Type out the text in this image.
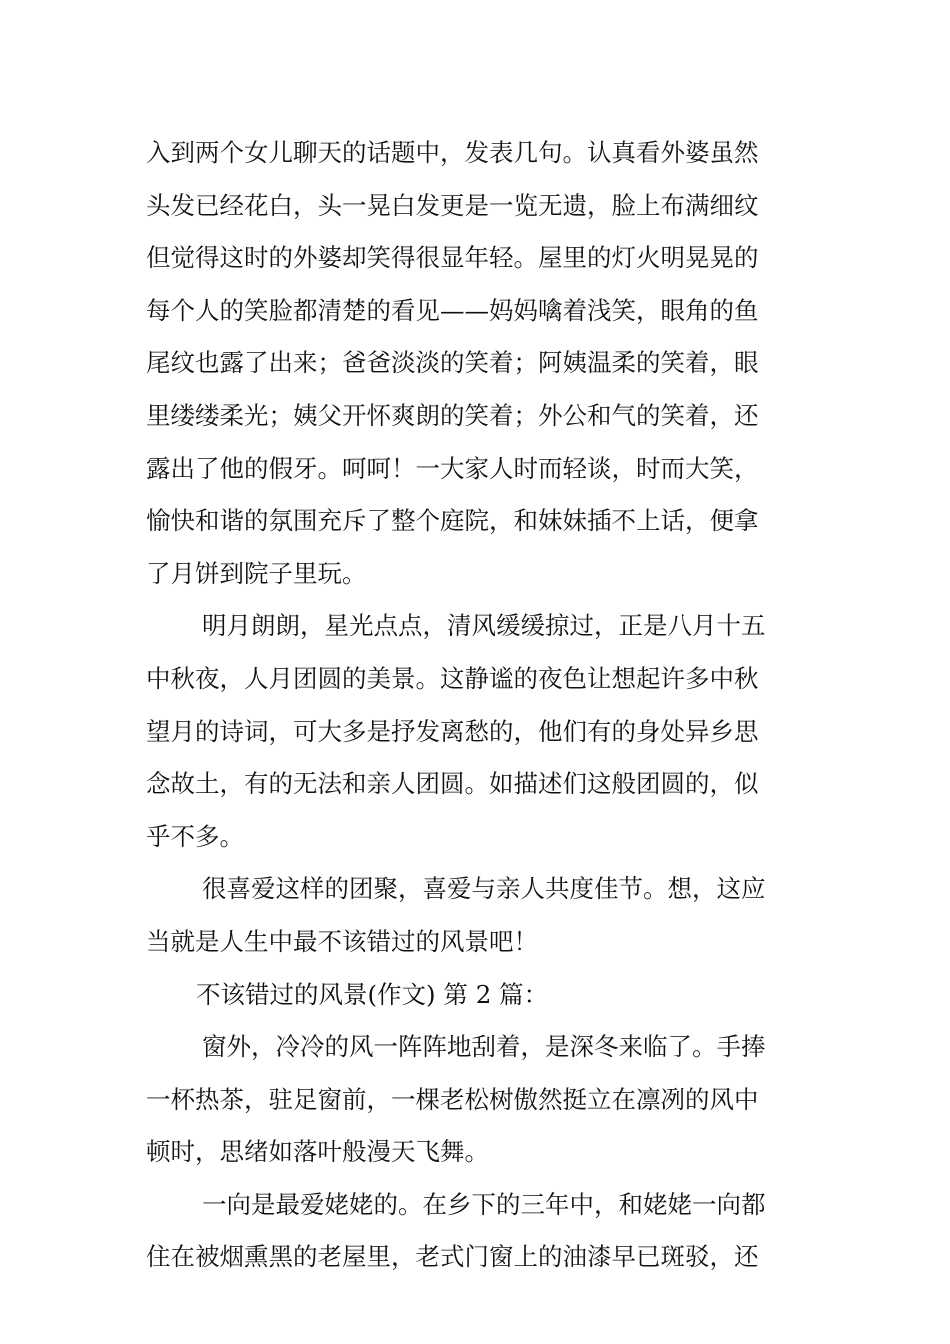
入到两个女儿聊天的话题中，发表几句。认真看外婆虽然
头发已经花白，头一晃白发更是一览无遗，脸上布满细纹
但觉得这时的外婆却笑得很显年轻。屋里的灯火明晃晃的
每个人的笑脸都清楚的看见——妈妈噙着浅笑，眼角的鱼
尾纹也露了出来；爸爸淡淡的笑着；阿姨温柔的笑着，眼
里缕缕柔光；姨父开怀爽朗的笑着；外公和气的笑着，还
露出了他的假牙。呵呵！一大家人时而轻谈，时而大笑，
愉快和谐的氛围充斥了整个庭院，和妹妹插不上话，便拿
了月饼到院子里玩。
明月朗朗，星光点点，清风缓缓掠过，正是八月十五
中秋夜，人月团圆的美景。这静谧的夜色让想起许多中秋
望月的诗词，可大多是抒发离愁的，他们有的身处异乡思
念故土，有的无法和亲人团圆。如描述们这般团圆的，似
乎不多。
很喜爱这样的团聚，喜爱与亲人共度佳节。想，这应
当就是人生中最不该错过的风景吧！
不该错过的风景(作文) 第 2 篇：
窗外，冷冷的风一阵阵地刮着，是深冬来临了。手捧
一杯热茶，驻足窗前，一棵老松树傲然挺立在凛冽的风中
顿时，思绪如落叶般漫天飞舞。
一向是最爱姥姥的。在乡下的三年中，和姥姥一向都
住在被烟熏黑的老屋里，老式门窗上的油漆早已斑驳，还
